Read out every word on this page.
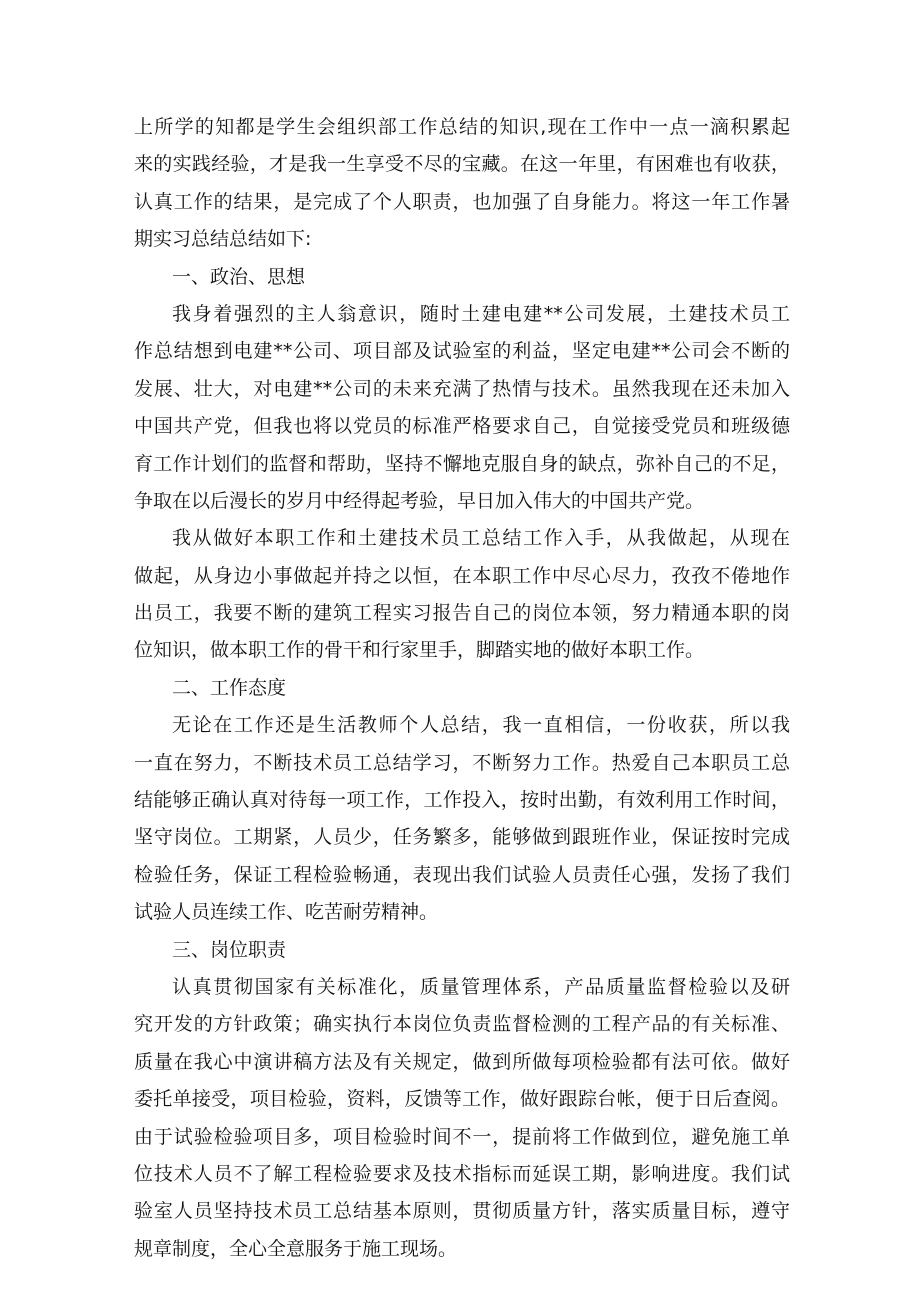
上所学的知都是学生会组织部工作总结的知识,现在工作中一点一滴积累起
来的实践经验，才是我一生享受不尽的宝藏。在这一年里，有困难也有收获，
认真工作的结果，是完成了个人职责，也加强了自身能力。将这一年工作暑
期实习总结总结如下:
一、政治、思想
我身着强烈的主人翁意识，随时土建电建**公司发展，土建技术员工
作总结想到电建**公司、项目部及试验室的利益，坚定电建**公司会不断的
发展、壮大，对电建**公司的未来充满了热情与技术。虽然我现在还未加入
中国共产党，但我也将以党员的标准严格要求自己，自觉接受党员和班级德
育工作计划们的监督和帮助，坚持不懈地克服自身的缺点，弥补自己的不足，
争取在以后漫长的岁月中经得起考验，早日加入伟大的中国共产党。
我从做好本职工作和土建技术员工总结工作入手，从我做起，从现在
做起，从身边小事做起并持之以恒，在本职工作中尽心尽力，孜孜不倦地作
出员工，我要不断的建筑工程实习报告自己的岗位本领，努力精通本职的岗
位知识，做本职工作的骨干和行家里手，脚踏实地的做好本职工作。
二、工作态度
无论在工作还是生活教师个人总结，我一直相信，一份收获，所以我
一直在努力，不断技术员工总结学习，不断努力工作。热爱自己本职员工总
结能够正确认真对待每一项工作，工作投入，按时出勤，有效利用工作时间，
坚守岗位。工期紧，人员少，任务繁多，能够做到跟班作业，保证按时完成
检验任务，保证工程检验畅通，表现出我们试验人员责任心强，发扬了我们
试验人员连续工作、吃苦耐劳精神。
三、岗位职责
认真贯彻国家有关标准化，质量管理体系，产品质量监督检验以及研
究开发的方针政策；确实执行本岗位负责监督检测的工程产品的有关标准、
质量在我心中演讲稿方法及有关规定，做到所做每项检验都有法可依。做好
委托单接受，项目检验，资料，反馈等工作，做好跟踪台帐，便于日后查阅。
由于试验检验项目多，项目检验时间不一，提前将工作做到位，避免施工单
位技术人员不了解工程检验要求及技术指标而延误工期，影响进度。我们试
验室人员坚持技术员工总结基本原则，贯彻质量方针，落实质量目标，遵守
规章制度，全心全意服务于施工现场。
